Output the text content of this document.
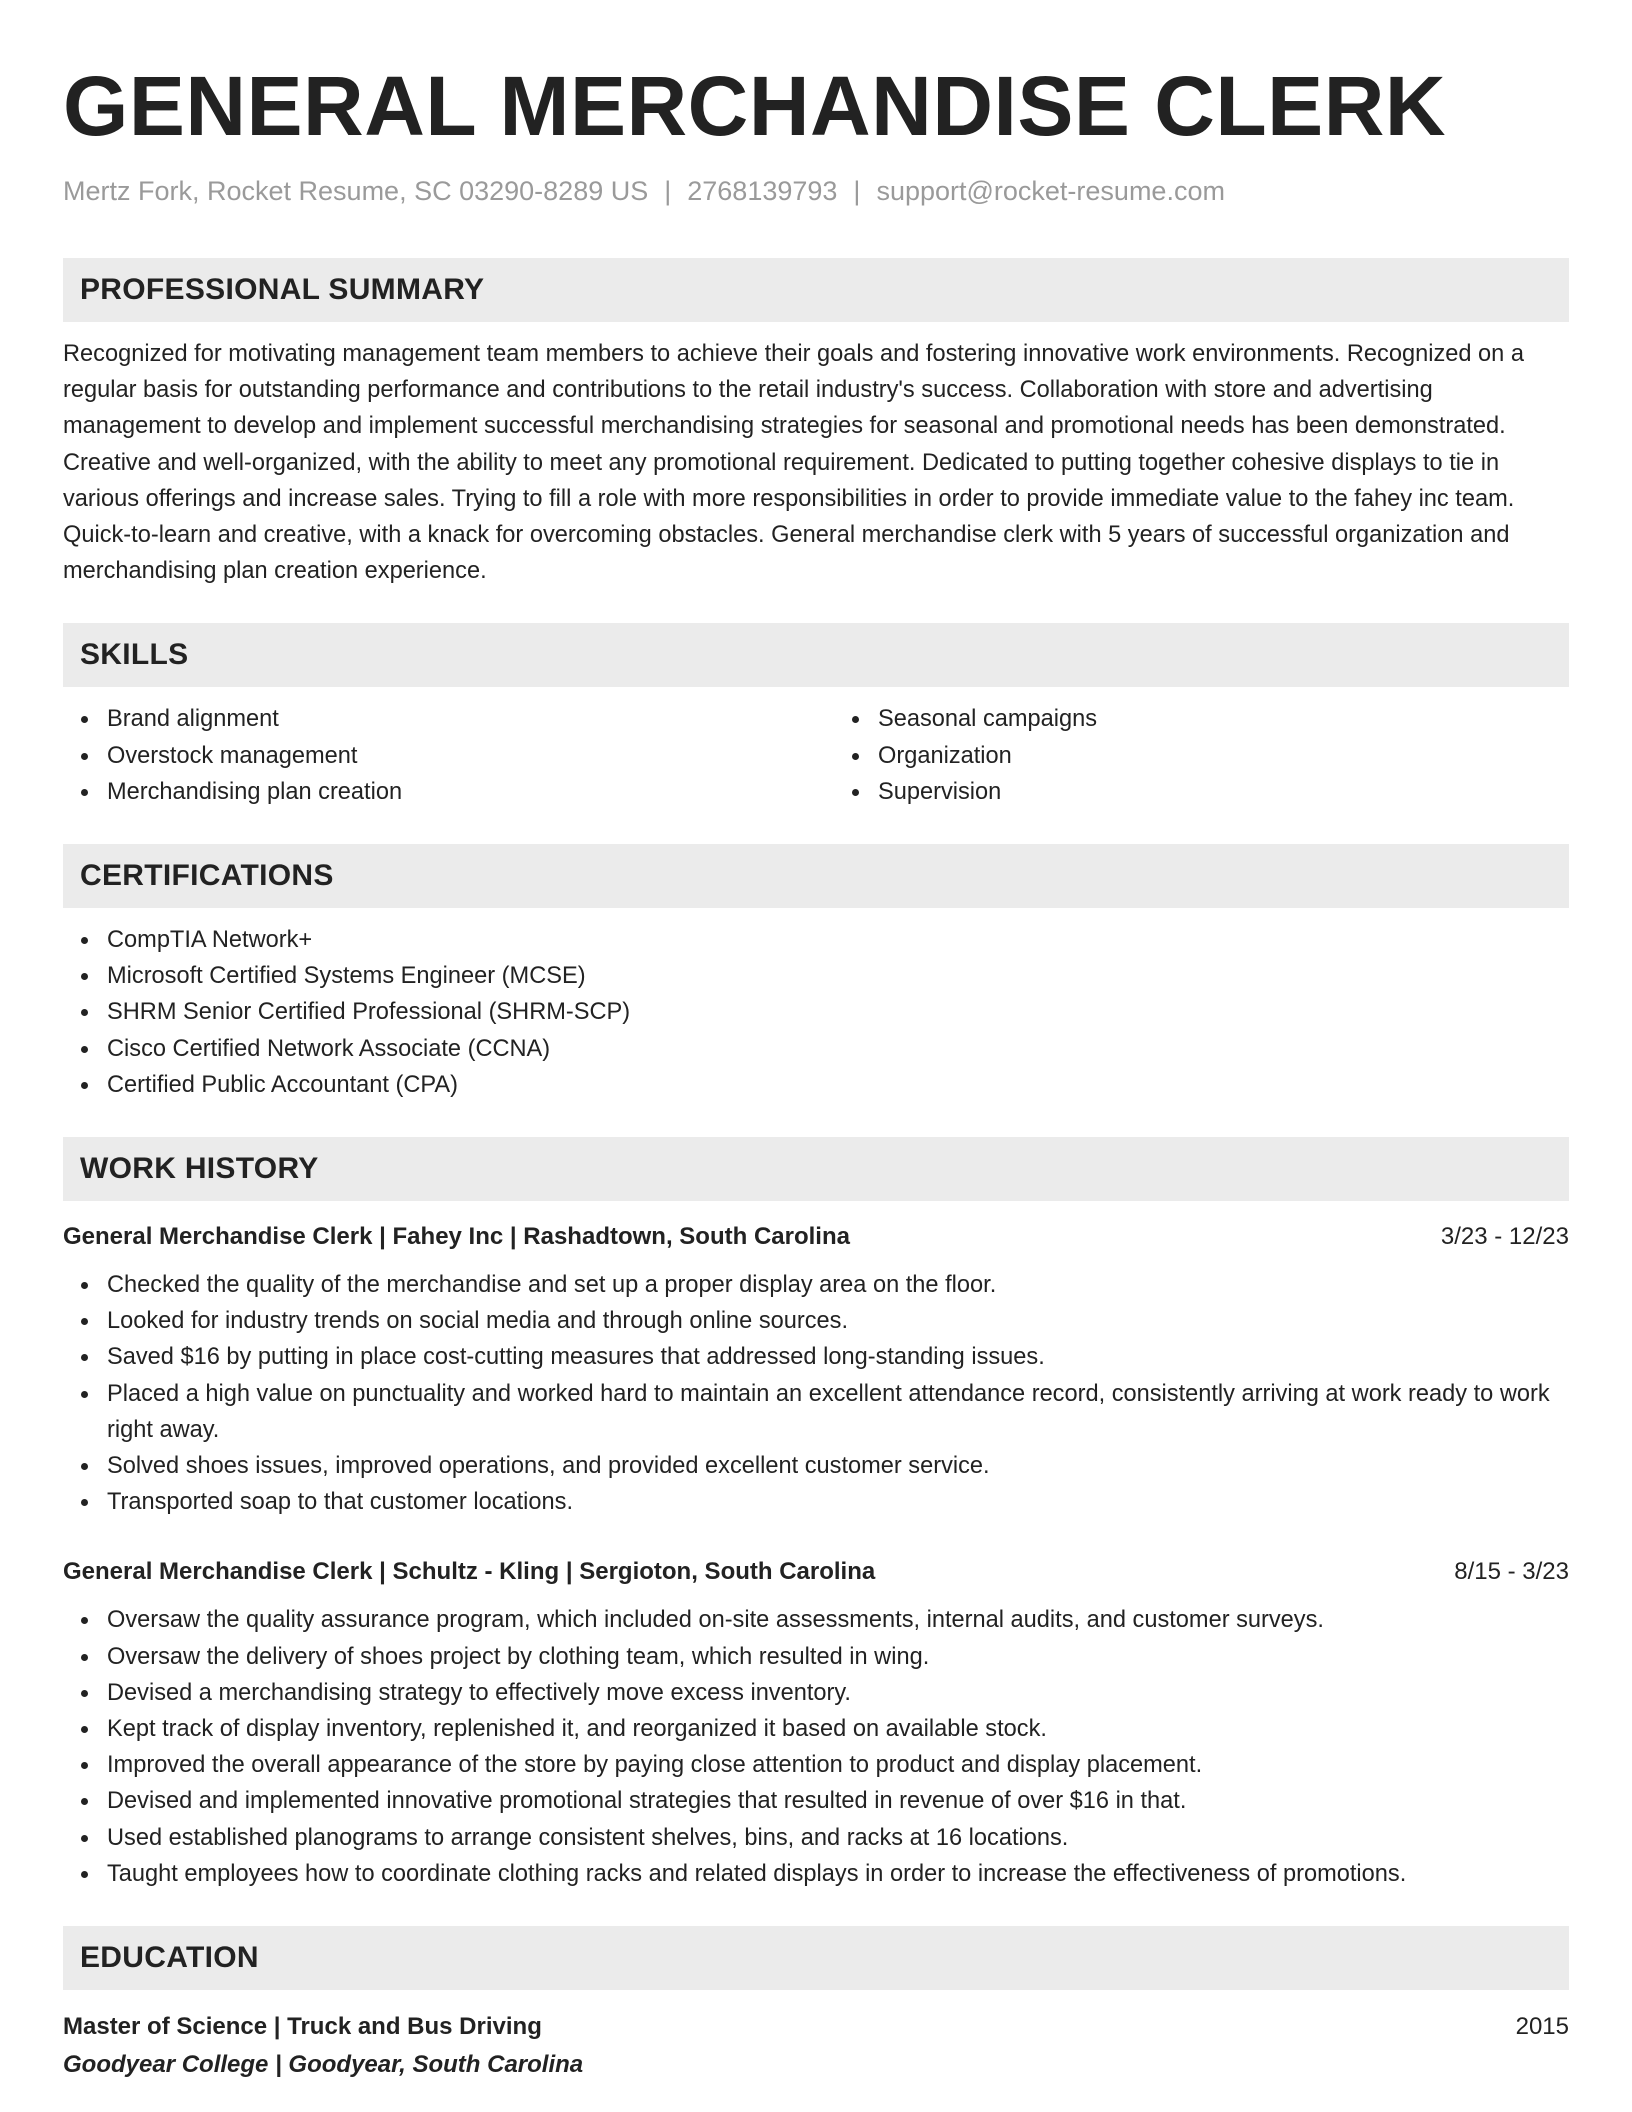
GENERAL MERCHANDISE CLERK
Mertz Fork, Rocket Resume, SC 03290-8289 US | 2768139793 | support@rocket-resume.com
PROFESSIONAL SUMMARY
Recognized for motivating management team members to achieve their goals and fostering innovative work environments. Recognized on a regular basis for outstanding performance and contributions to the retail industry's success. Collaboration with store and advertising management to develop and implement successful merchandising strategies for seasonal and promotional needs has been demonstrated. Creative and well-organized, with the ability to meet any promotional requirement. Dedicated to putting together cohesive displays to tie in various offerings and increase sales. Trying to fill a role with more responsibilities in order to provide immediate value to the fahey inc team. Quick-to-learn and creative, with a knack for overcoming obstacles. General merchandise clerk with 5 years of successful organization and merchandising plan creation experience.
SKILLS
Brand alignment
Overstock management
Merchandising plan creation
Seasonal campaigns
Organization
Supervision
CERTIFICATIONS
CompTIA Network+
Microsoft Certified Systems Engineer (MCSE)
SHRM Senior Certified Professional (SHRM-SCP)
Cisco Certified Network Associate (CCNA)
Certified Public Accountant (CPA)
WORK HISTORY
General Merchandise Clerk | Fahey Inc | Rashadtown, South Carolina	3/23 - 12/23
Checked the quality of the merchandise and set up a proper display area on the floor.
Looked for industry trends on social media and through online sources.
Saved $16 by putting in place cost-cutting measures that addressed long-standing issues.
Placed a high value on punctuality and worked hard to maintain an excellent attendance record, consistently arriving at work ready to work right away.
Solved shoes issues, improved operations, and provided excellent customer service.
Transported soap to that customer locations.
General Merchandise Clerk | Schultz - Kling | Sergioton, South Carolina	8/15 - 3/23
Oversaw the quality assurance program, which included on-site assessments, internal audits, and customer surveys.
Oversaw the delivery of shoes project by clothing team, which resulted in wing.
Devised a merchandising strategy to effectively move excess inventory.
Kept track of display inventory, replenished it, and reorganized it based on available stock.
Improved the overall appearance of the store by paying close attention to product and display placement.
Devised and implemented innovative promotional strategies that resulted in revenue of over $16 in that.
Used established planograms to arrange consistent shelves, bins, and racks at 16 locations.
Taught employees how to coordinate clothing racks and related displays in order to increase the effectiveness of promotions.
EDUCATION
Master of Science | Truck and Bus Driving	2015
Goodyear College | Goodyear, South Carolina
